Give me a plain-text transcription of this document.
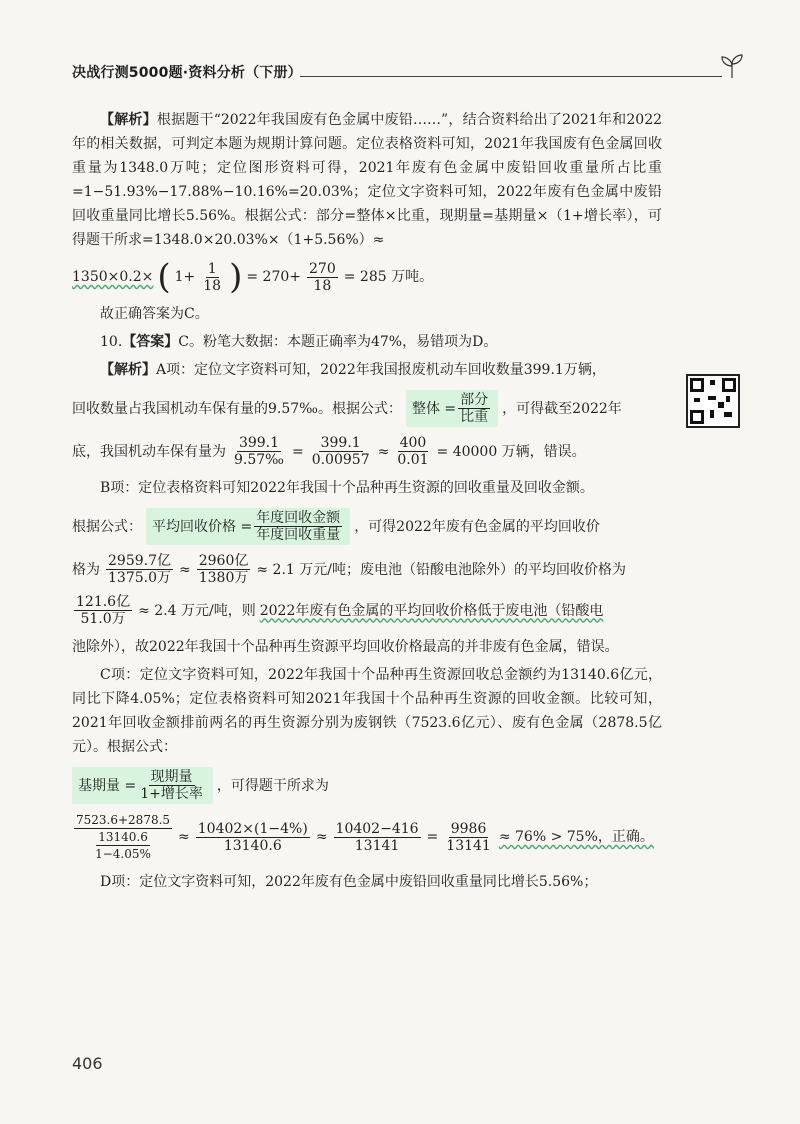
决战行测5000题·资料分析（下册）

【解析】根据题干“2022年我国废有色金属中废铅……”，结合资料给出了2021年和2022年的相关数据，可判定本题为规期计算问题。定位表格资料可知，2021年我国废有色金属回收重量为1348.0万吨；定位图形资料可得，2021年废有色金属中废铅回收重量所占比重=1−51.93%−17.88%−10.16%=20.03%；定位文字资料可知，2022年废有色金属中废铅回收重量同比增长5.56%。根据公式：部分=整体×比重，现期量=基期量×（1+增长率），可得题干所求=1348.0×20.03%×（1+5.56%）≈

1350×0.2× ( $1+ \frac{1}{18}$ ) = $270+ \frac{270}{18} = 285$ 万吨。

故正确答案为C。

10.【答案】C。粉笔大数据：本题正确率为47%，易错项为D。

【解析】A项：定位文字资料可知，2022年我国报废机动车回收数量399.1万辆，

回收数量占我国机动车保有量的9.57‰。根据公式： 整体 = $\frac{\text{部分}}{\text{比重}}$ ，可得截至2022年
底，我国机动车保有量为 $\frac{399.1}{9.57‰} = \frac{399.1}{0.00957} \approx \frac{400}{0.01} = 40000$ 万辆，错误。

B项：定位表格资料可知2022年我国十个品种再生资源的回收重量及回收金额。

根据公式： 平均回收价格 = $\frac{\text{年度回收金额}}{\text{年度回收重量}}$ ，可得2022年废有色金属的平均回收价
格为 $\frac{\text{2959.7亿}}{\text{1375.0万}} \approx \frac{\text{2960亿}}{\text{1380万}} \approx 2.1$ 万元/吨；废电池（铅酸电池除外）的平均回收价格为
$\frac{\text{121.6亿}}{\text{51.0万}} \approx 2.4$ 万元/吨，则 2022年废有色金属的平均回收价格低于废电池（铅酸电

池除外），故2022年我国十个品种再生资源平均回收价格最高的并非废有色金属，错误。

C项：定位文字资料可知，2022年我国十个品种再生资源回收总金额约为13140.6亿元，同比下降4.05%；定位表格资料可知2021年我国十个品种再生资源的回收金额。比较可知，2021年回收金额排前两名的再生资源分别为废钢铁（7523.6亿元）、废有色金属（2878.5亿元）。根据公式：

基期量 = $\frac{\text{现期量}}{\text{1+增长率}}$ ，可得题干所求为
$\frac{7523.6+2878.5}{\frac{13140.6}{1-4.05\%}} \approx \frac{10402\times(1-4\%)}{13140.6} \approx \frac{10402-416}{13141} = \frac{9986}{13141} \approx 76\% > 75\%$，正确。

D项：定位文字资料可知，2022年废有色金属中废铅回收重量同比增长5.56%；

406
